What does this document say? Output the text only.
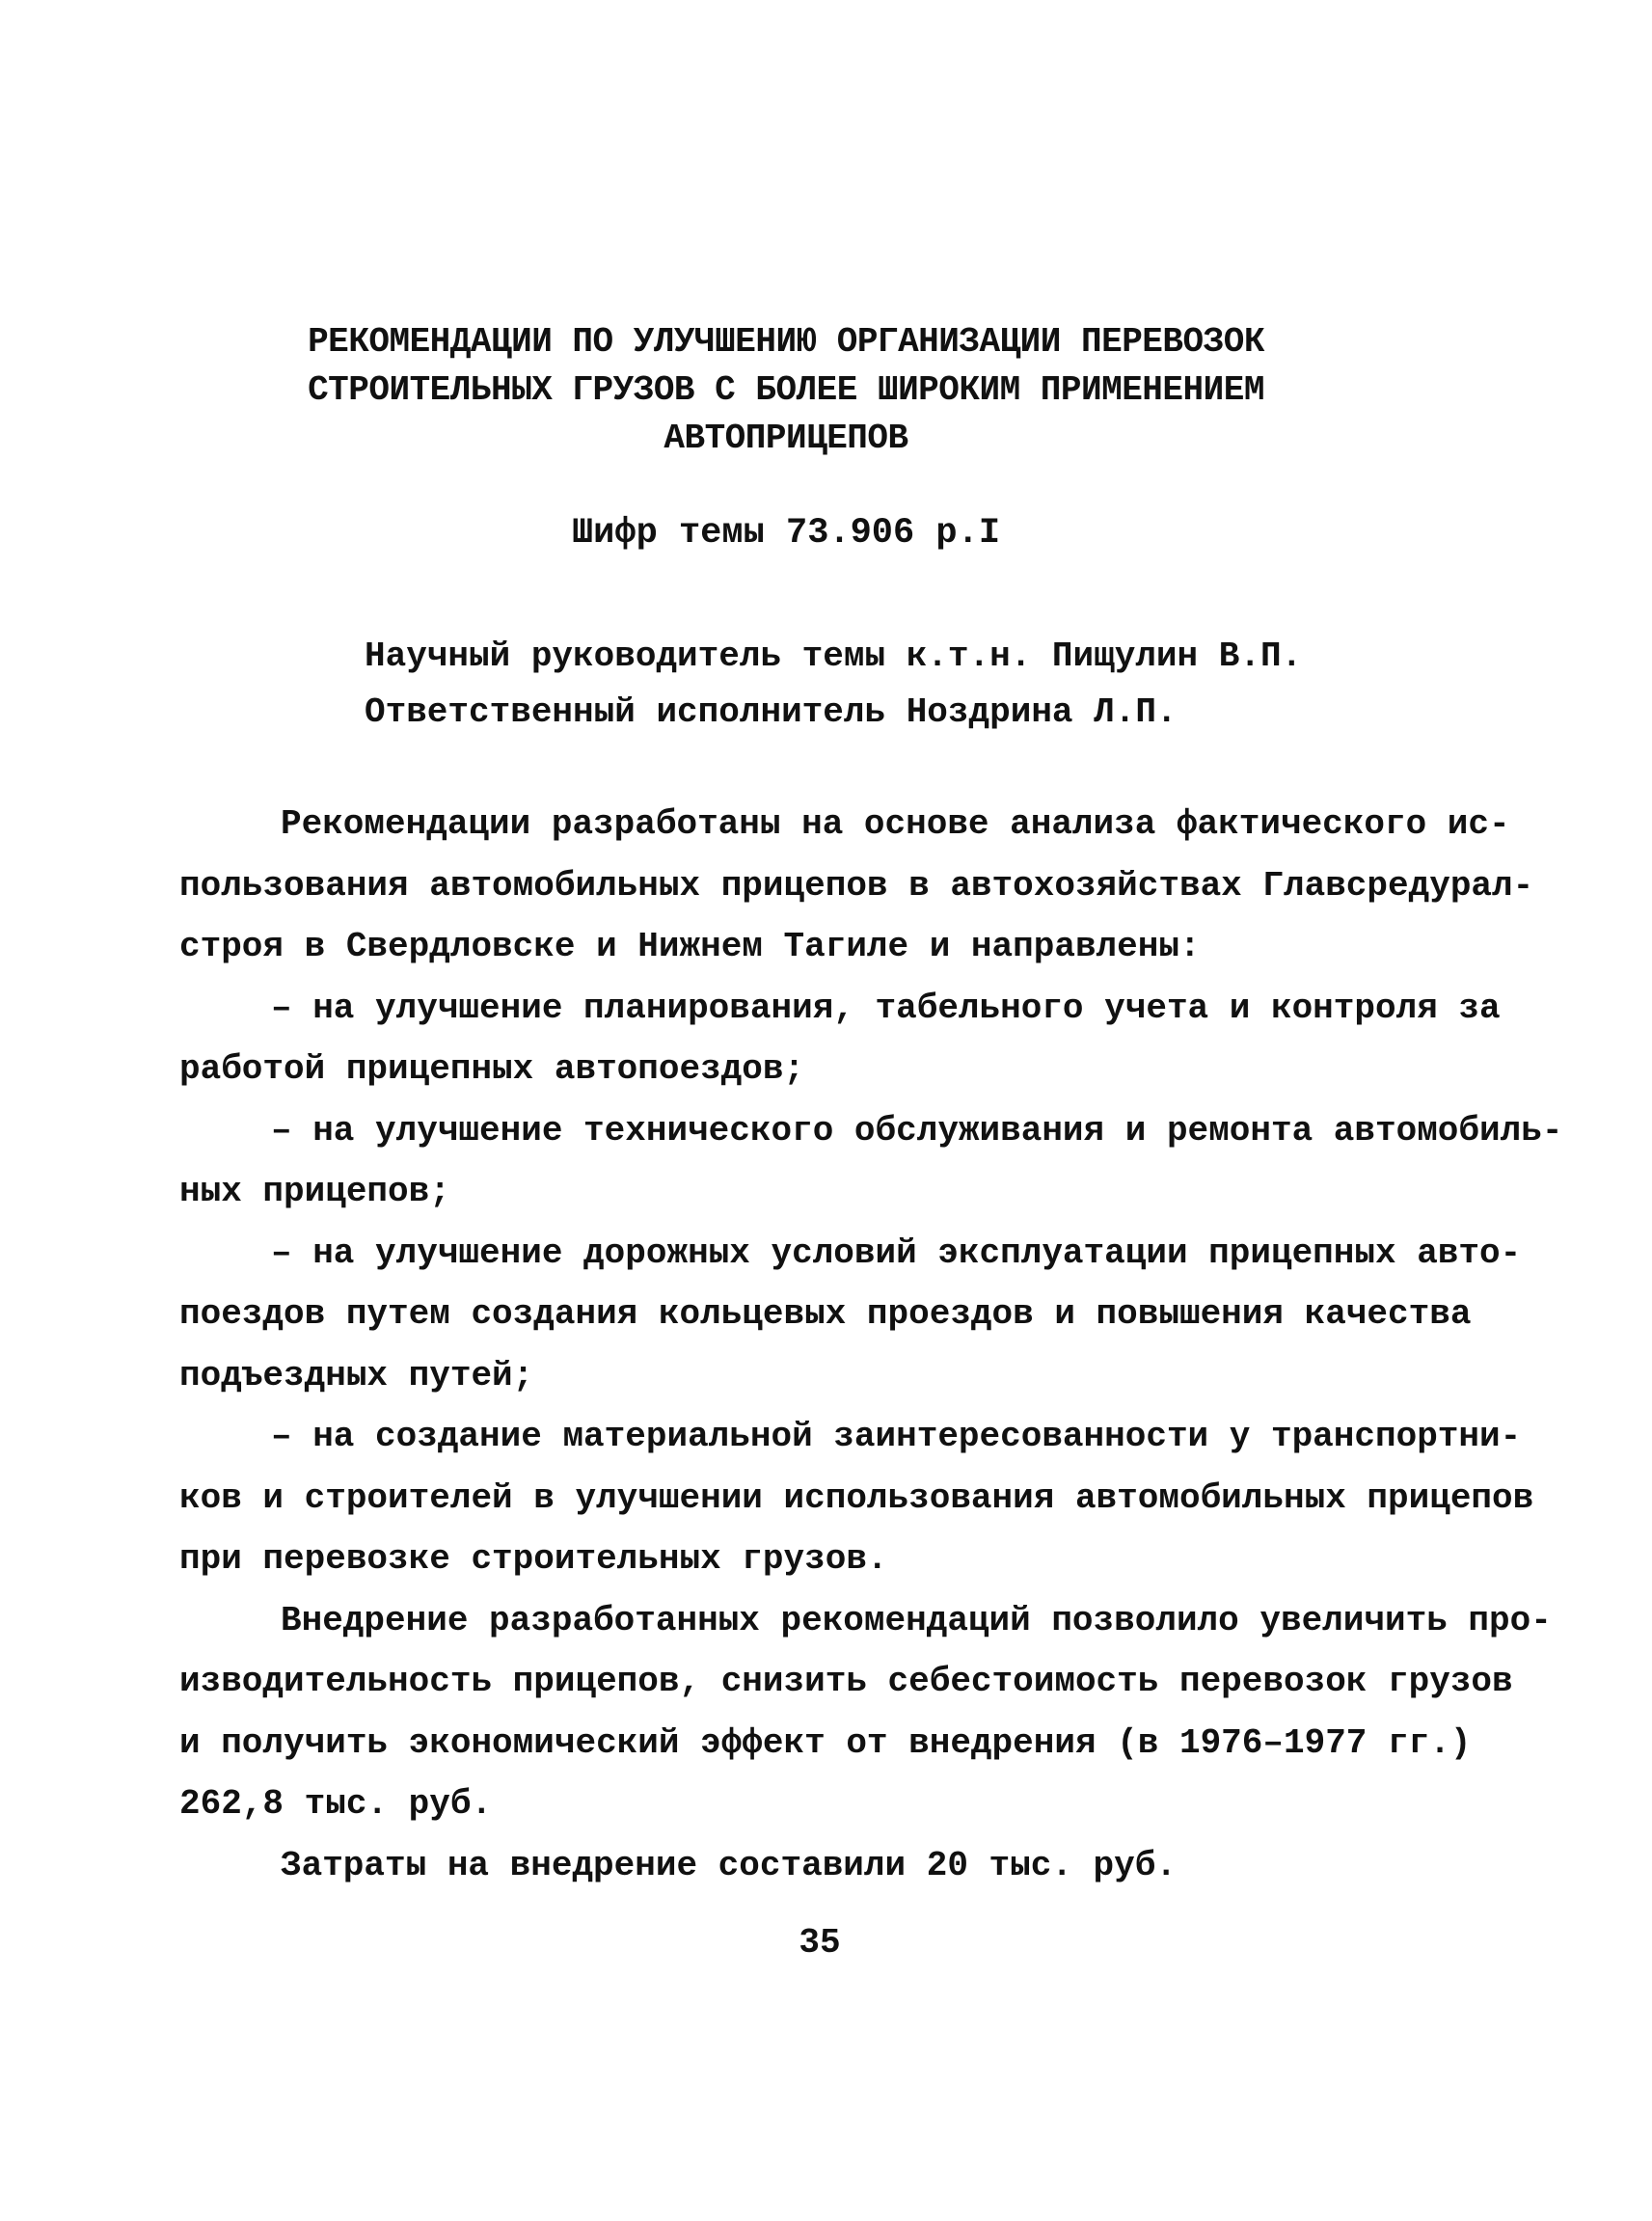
РЕКОМЕНДАЦИИ ПО УЛУЧШЕНИЮ ОРГАНИЗАЦИИ ПЕРЕВОЗОК
СТРОИТЕЛЬНЫХ ГРУЗОВ С БОЛЕЕ ШИРОКИМ ПРИМЕНЕНИЕМ
АВТОПРИЦЕПОВ
Шифр темы 73.906 р.I
Научный руководитель темы к.т.н. Пищулин В.П.
Ответственный исполнитель Ноздрина Л.П.
Рекомендации разработаны на основе анализа фактического ис-
пользования автомобильных прицепов в автохозяйствах Главсредурал-
строя в Свердловске и Нижнем Тагиле и направлены:
– на улучшение планирования, табельного учета и контроля за
работой прицепных автопоездов;
– на улучшение технического обслуживания и ремонта автомобиль-
ных прицепов;
– на улучшение дорожных условий эксплуатации прицепных авто-
поездов путем создания кольцевых проездов и повышения качества
подъездных путей;
– на создание материальной заинтересованности у транспортни-
ков и строителей в улучшении использования автомобильных прицепов
при перевозке строительных грузов.
Внедрение разработанных рекомендаций позволило увеличить про-
изводительность прицепов, снизить себестоимость перевозок грузов
и получить экономический эффект от внедрения (в 1976–1977 гг.)
262,8 тыс. руб.
Затраты на внедрение составили 20 тыс. руб.
35
